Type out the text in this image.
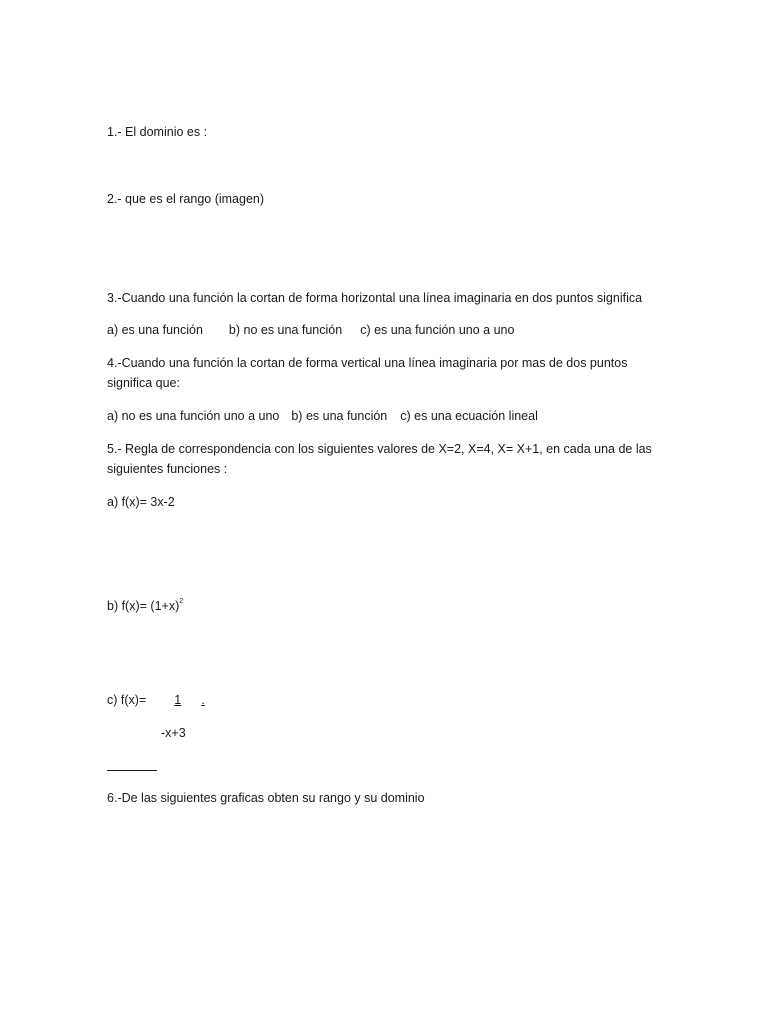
1.- El dominio es :
2.- que es el rango (imagen)
3.-Cuando una función la cortan de forma horizontal una línea imaginaria en dos puntos significa
a) es una función b) no es una función c) es una función uno a uno
4.-Cuando una función la cortan de forma vertical una línea imaginaria por mas de dos puntos
significa que:
a) no es una función uno a uno b) es una función c) es una ecuación lineal
5.- Regla de correspondencia con los siguientes valores de X=2, X=4, X= X+1, en cada una de las
siguientes funciones :
a) f(x)= 3x-2
b) $f(x)= (1+x)^2$
c) f(x)= 1 .
-x+3
6.-De las siguientes graficas obten su rango y su dominio
